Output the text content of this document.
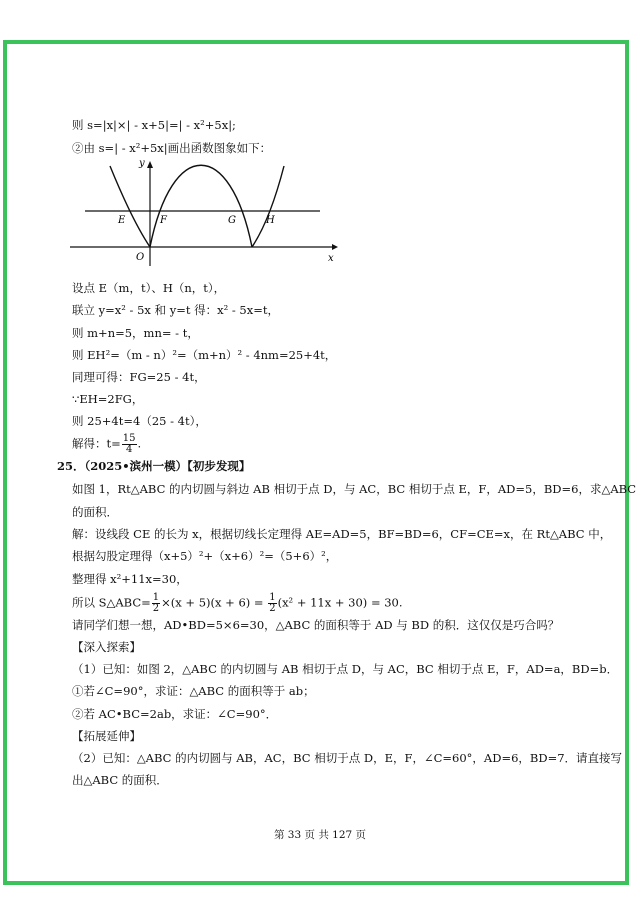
则 s=|x|×| - x+5|=| - x²+5x|;
②由 s=| - x²+5x|画出函数图象如下：
y
x
O
E	F	G	H
设点 E（m，t）、H（n，t），
联立 y=x² - 5x 和 y=t 得：x² - 5x=t，
则 m+n=5，mn= - t，
则 EH²=（m - n）²=（m+n）² - 4nm=25+4t，
同理可得：FG=25 - 4t，
∵EH=2FG，
则 25+4t=4（25 - 4t），
解得：$t= \frac{15}{4}$ .
25．（2025•滨州一模）【初步发现】
如图 1，Rt△ABC 的内切圆与斜边 AB 相切于点 D，与 AC，BC 相切于点 E，F，AD=5，BD=6，求△ABC
的面积．
解：设线段 CE 的长为 x，根据切线长定理得 AE=AD=5，BF=BD=6，CF=CE=x，在 Rt△ABC 中，
根据勾股定理得（x+5）²+（x+6）²=（5+6）²，
整理得 x²+11x=30，
所以 S△ABC= $\frac{1}{2} \times(x + 5)(x + 6) = \frac{1}{2} (x^2 + 11x + 30) = 30$.
请同学们想一想，AD•BD=5×6=30，△ABC 的面积等于 AD 与 BD 的积．这仅仅是巧合吗？
【深入探索】
（1）已知：如图 2，△ABC 的内切圆与 AB 相切于点 D，与 AC，BC 相切于点 E，F，AD=a，BD=b．
①若∠C=90°，求证：△ABC 的面积等于 ab；
②若 AC•BC=2ab，求证：∠C=90°．
【拓展延伸】
（2）已知：△ABC 的内切圆与 AB，AC，BC 相切于点 D，E，F，∠C=60°，AD=6，BD=7．请直接写
出△ABC 的面积．
第 33 页 共 127 页
